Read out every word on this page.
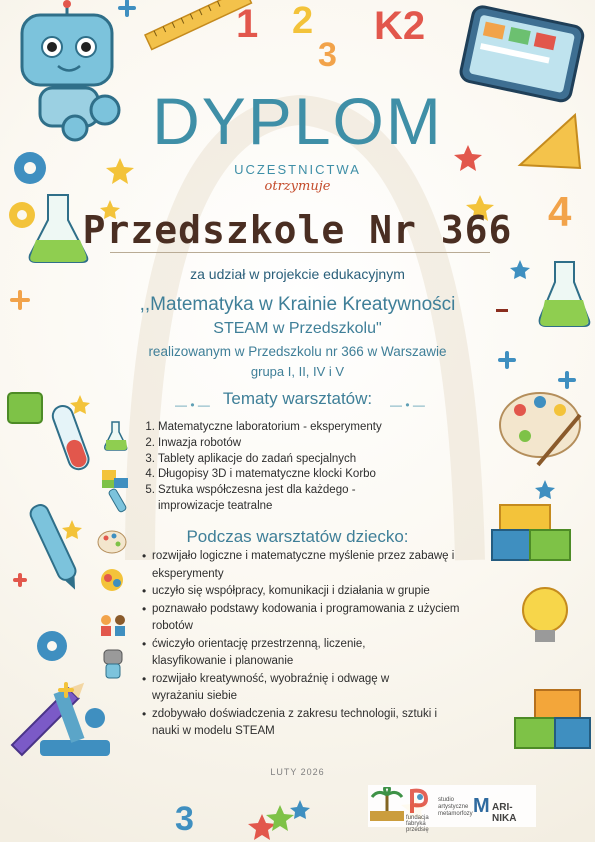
1 2
3
K2
4
3
DYPLOM
UCZESTNICTWA
otrzymuje
Przedszkole Nr 366
za udział w projekcie edukacyjnym
,,Matematyka w Krainie Kreatywności
STEAM w Przedszkolu"
realizowanym w Przedszkolu nr 366 w Warszawie
grupa I, II, IV i V
— • — Tematy warsztatów:	— • —
1. Matematyczne laboratorium - eksperymenty
2. Inwazja robotów
3. Tablety aplikacje do zadań specjalnych
4. Długopisy 3D i matematyczne klocki Korbo
5. Sztuka współczesna jest dla każdego - improwizacje teatralne
Podczas warsztatów dziecko:
• rozwijało logiczne i matematyczne myślenie przez zabawę i eksperymenty
• uczyło się współpracy, komunikacji i działania w grupie
• poznawało podstawy kodowania i programowania z użyciem robotów
• ćwiczyło orientację przestrzenną, liczenie, klasyfikowanie i planowanie
• rozwijało kreatywność, wyobraźnię i odwagę w wyrażaniu siebie
• zdobywało doświadczenia z zakresu technologii, sztuki i nauki w modelu STEAM
LUTY 2026
fundacja fabryka przedsię
studio artystyczne metamorfozy M ARI-NIKA
